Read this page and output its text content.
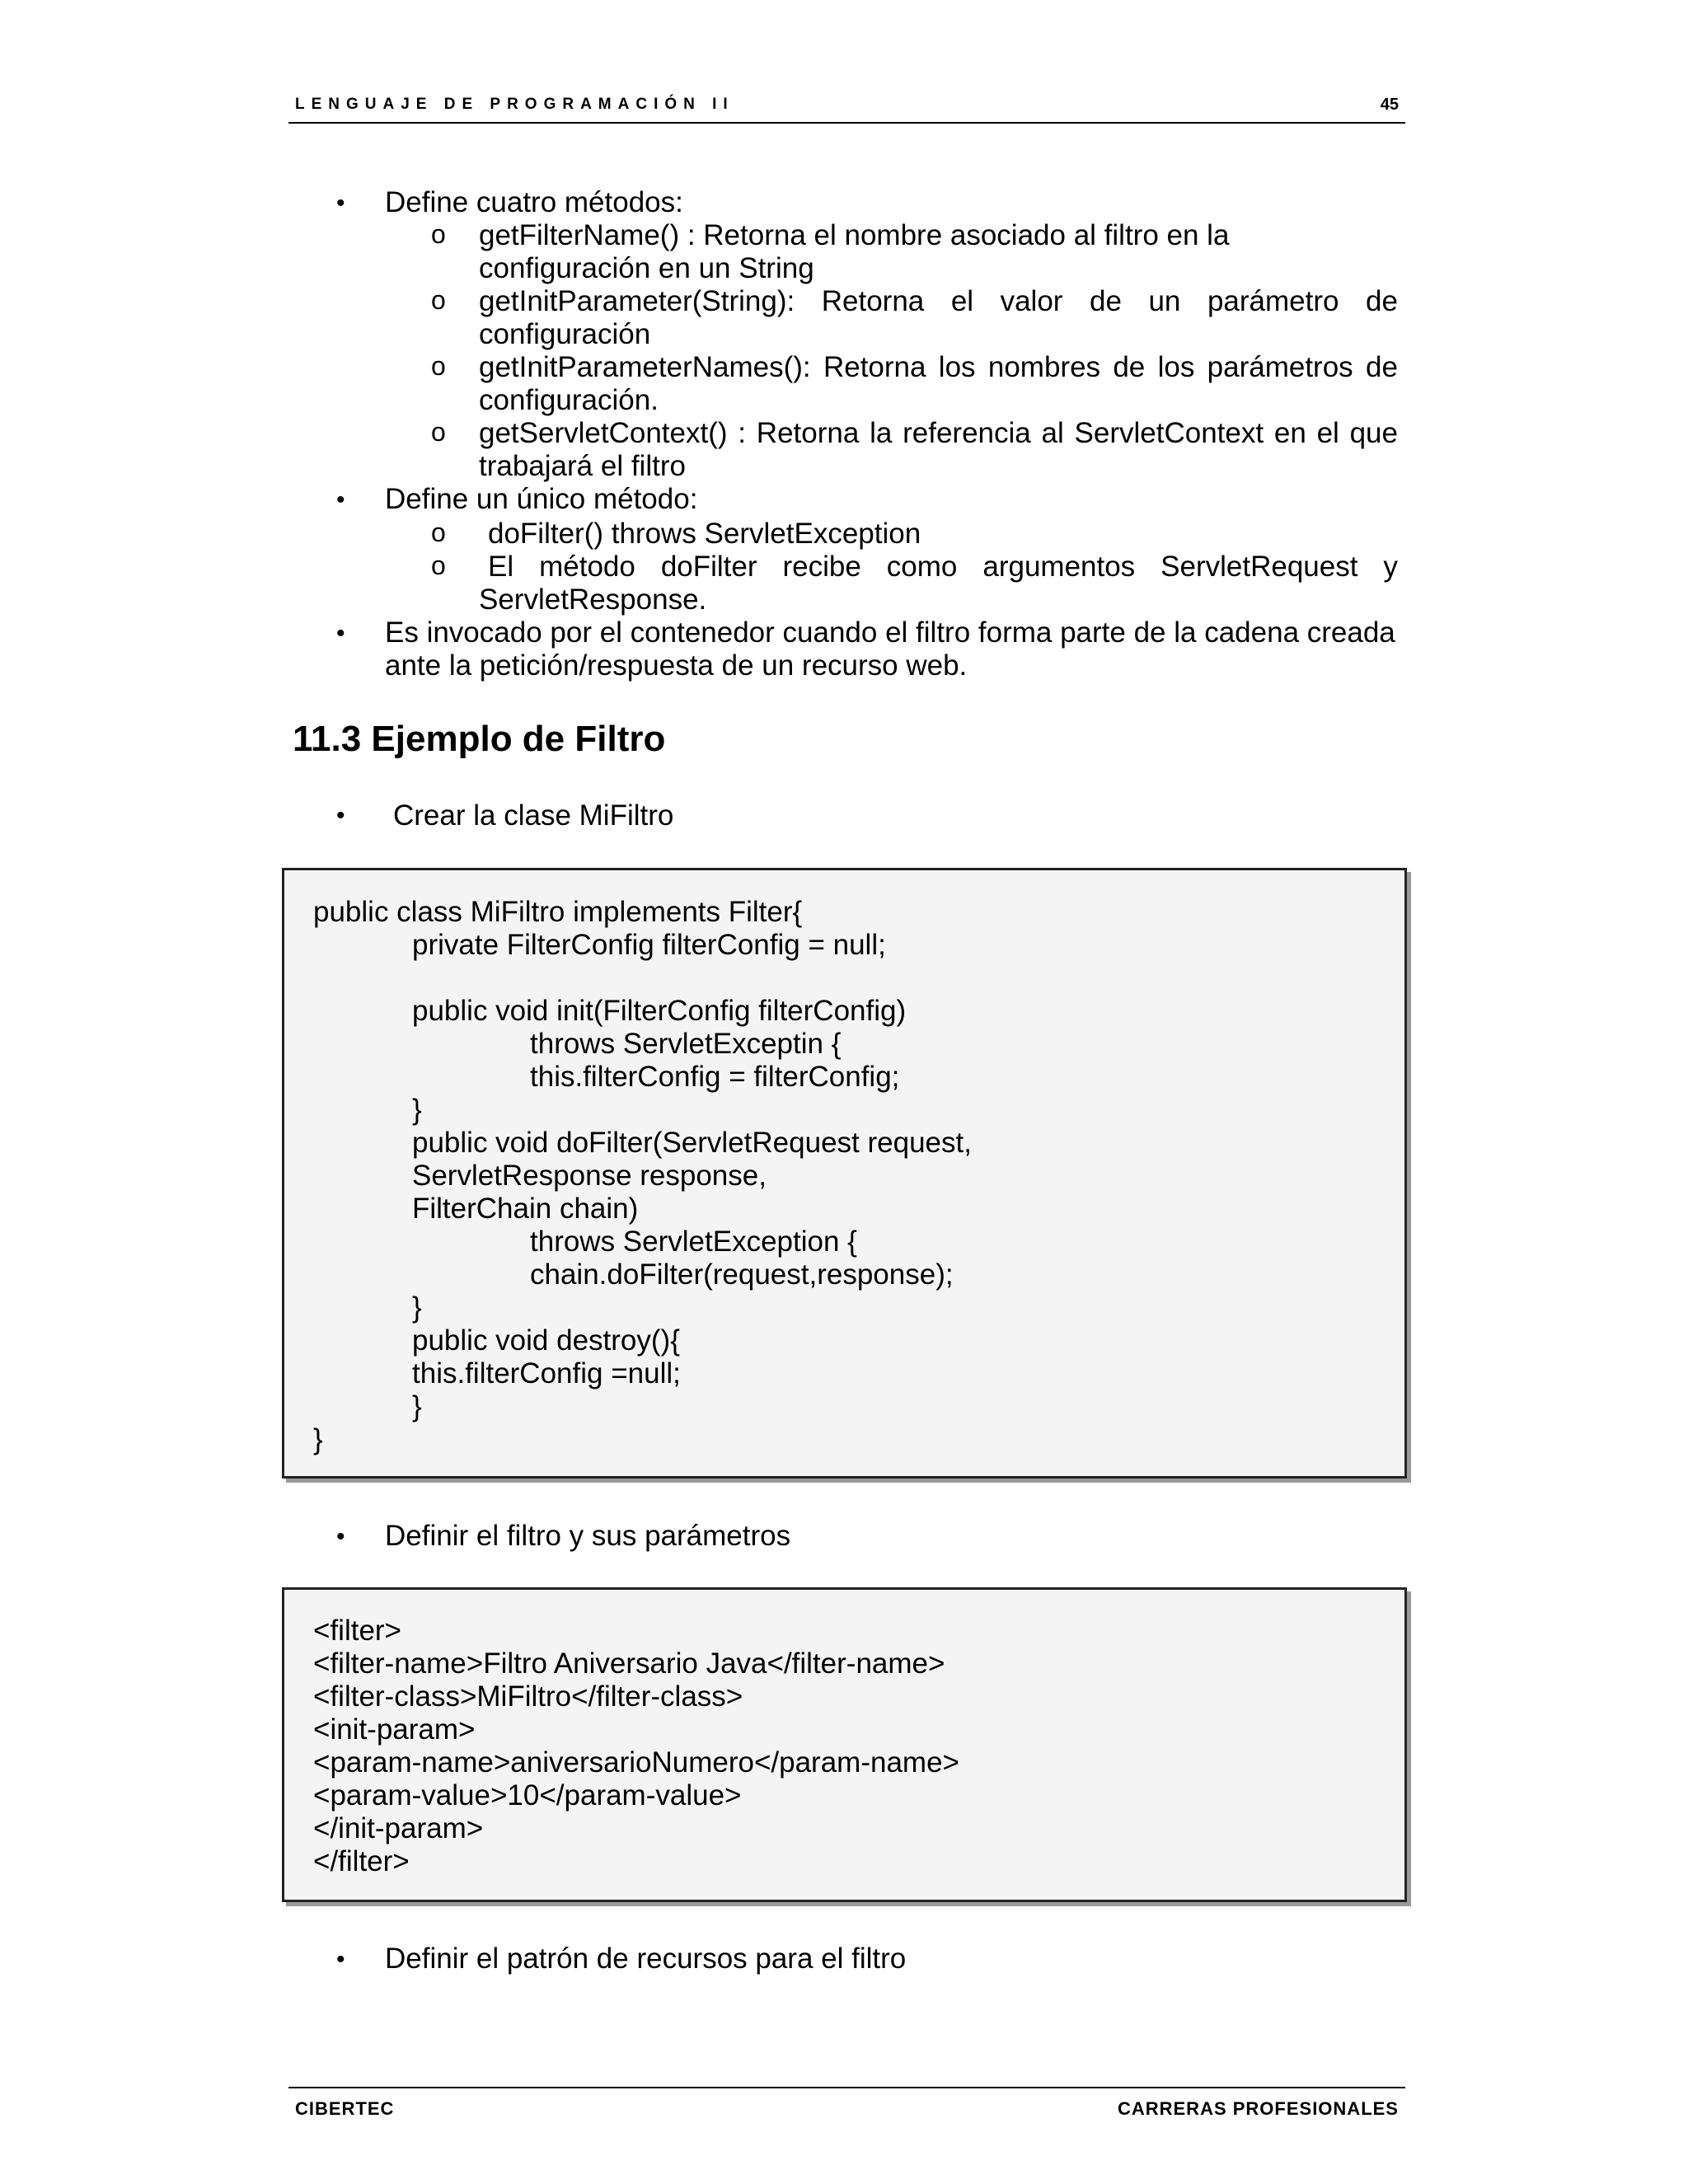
LENGUAJE DE PROGRAMACIÓN II	45
• Define cuatro métodos:
o getFilterName() : Retorna el nombre asociado al filtro en la
configuración en un String
o getInitParameter(String): Retorna el valor de un parámetro de
configuración
o getInitParameterNames(): Retorna los nombres de los parámetros de
configuración.
o getServletContext() : Retorna la referencia al ServletContext en el que
trabajará el filtro
• Define un único método:
o doFilter() throws ServletException
o El método doFilter recibe como argumentos ServletRequest y
ServletResponse.
• Es invocado por el contenedor cuando el filtro forma parte de la cadena creada
ante la petición/respuesta de un recurso web.
11.3 Ejemplo de Filtro
• Crear la clase MiFiltro
public class MiFiltro implements Filter{
private FilterConfig filterConfig = null;
public void init(FilterConfig filterConfig)
throws ServletExceptin {
this.filterConfig = filterConfig;
}
public void doFilter(ServletRequest request,
ServletResponse response,
FilterChain chain)
throws ServletException {
chain.doFilter(request,response);
}
public void destroy(){
this.filterConfig =null;
}
}
• Definir el filtro y sus parámetros
<filter>
<filter-name>Filtro Aniversario Java</filter-name>
<filter-class>MiFiltro</filter-class>
<init-param>
<param-name>aniversarioNumero</param-name>
<param-value>10</param-value>
</init-param>
</filter>
• Definir el patrón de recursos para el filtro
CIBERTEC	CARRERAS PROFESIONALES
